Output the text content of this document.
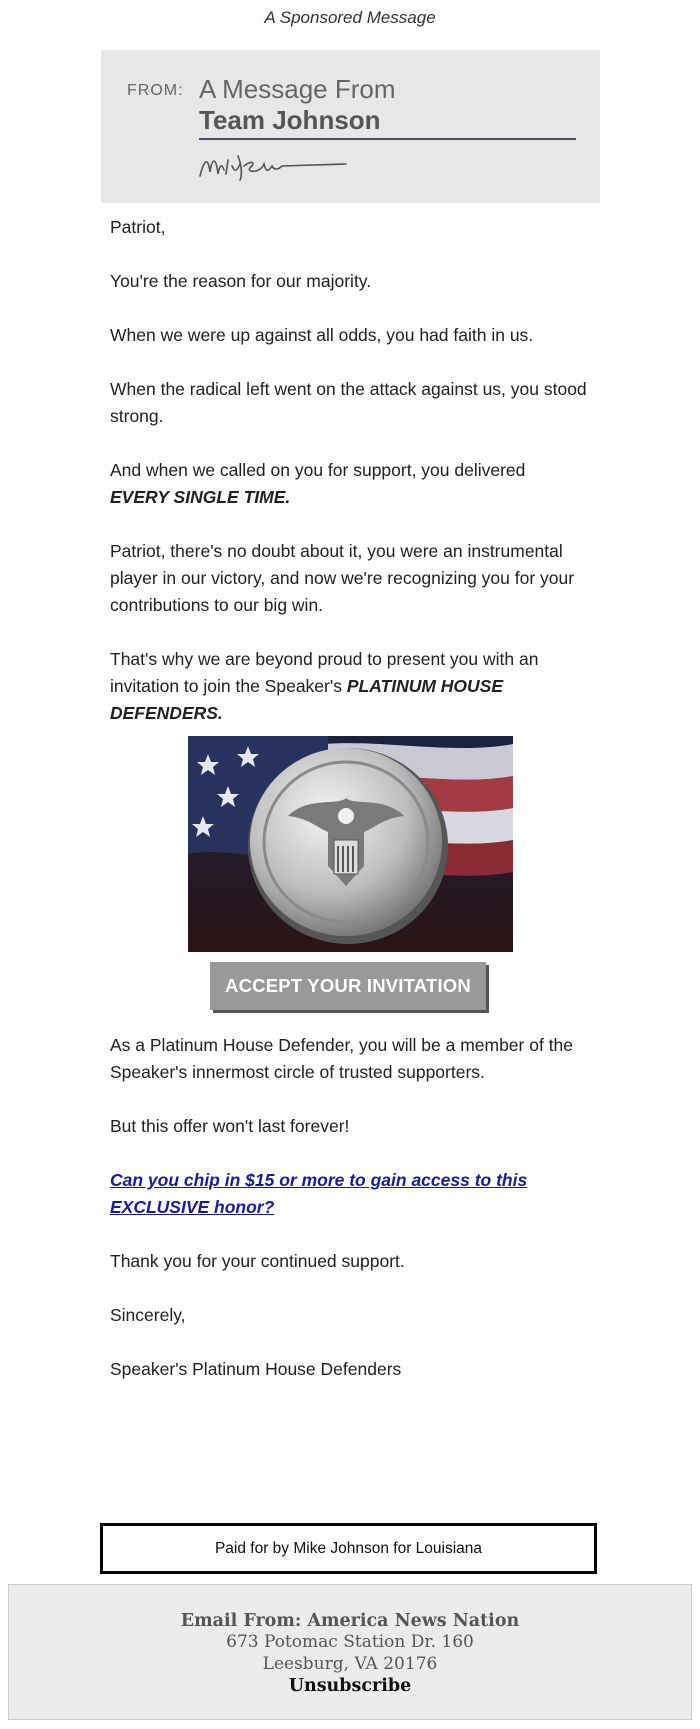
A Sponsored Message
FROM: A Message From
Team Johnson

Patriot,

You're the reason for our majority.

When we were up against all odds, you had faith in us.

When the radical left went on the attack against us, you stood strong.

And when we called on you for support, you delivered
EVERY SINGLE TIME.

Patriot, there's no doubt about it, you were an instrumental player in our victory, and now we're recognizing you for your contributions to our big win.

That's why we are beyond proud to present you with an invitation to join the Speaker's PLATINUM HOUSE DEFENDERS.

ACCEPT YOUR INVITATION

As a Platinum House Defender, you will be a member of the Speaker's innermost circle of trusted supporters.

But this offer won't last forever!

Can you chip in $15 or more to gain access to this EXCLUSIVE honor?

Thank you for your continued support.

Sincerely,

Speaker's Platinum House Defenders

Paid for by Mike Johnson for Louisiana
Email From: America News Nation
673 Potomac Station Dr. 160
Leesburg, VA 20176
Unsubscribe
